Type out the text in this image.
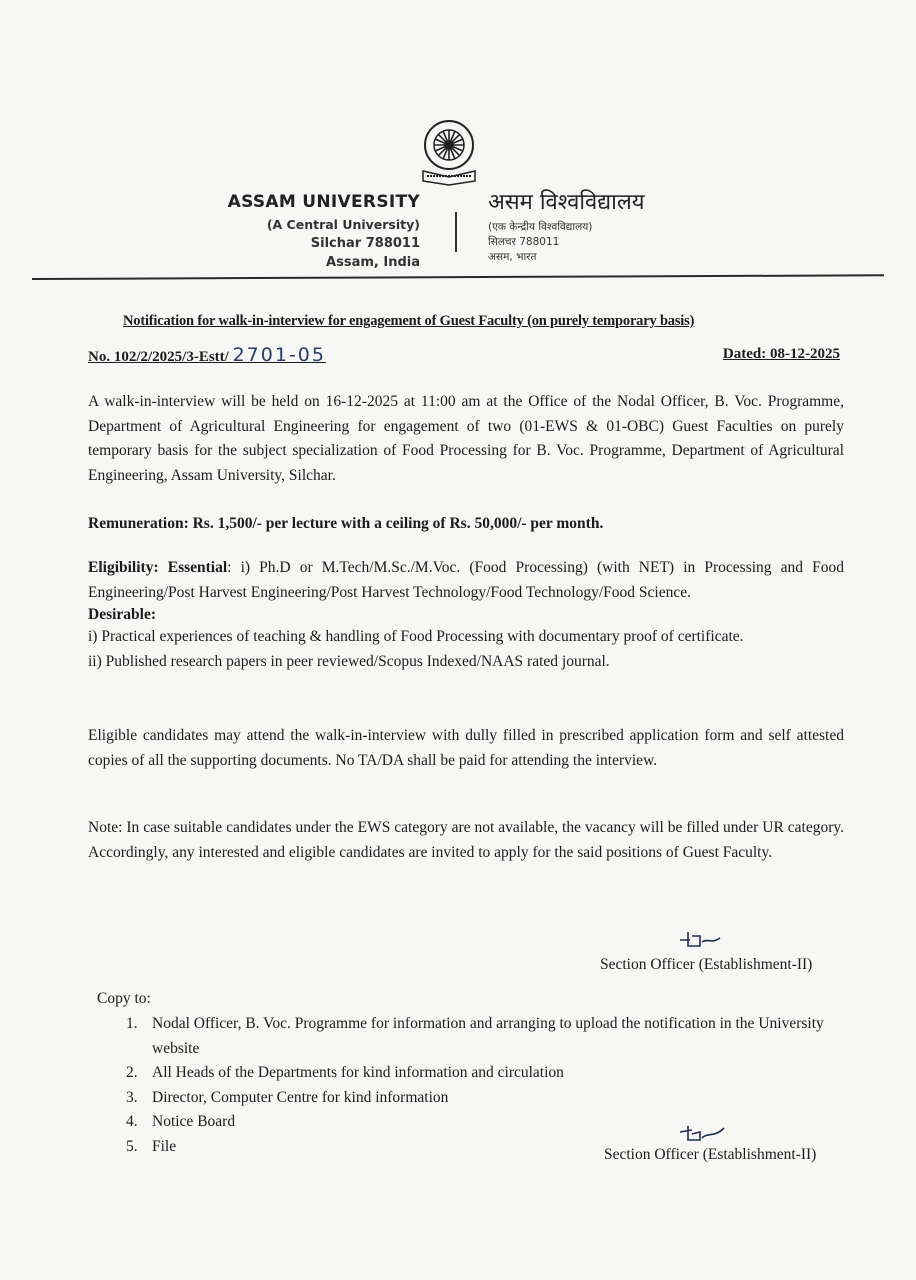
ASSAM UNIVERSITY
(A Central University)
Silchar 788011
Assam, India
असम विश्वविद्यालय
(एक केन्द्रीय विश्वविद्यालय)
सिलचर 788011
असम, भारत
Notification for walk-in-interview for engagement of Guest Faculty (on purely temporary basis)
No. 102/2/2025/3-Estt/ 2701-05	Dated: 08-12-2025
A walk-in-interview will be held on 16-12-2025 at 11:00 am at the Office of the Nodal Officer, B. Voc. Programme, Department of Agricultural Engineering for engagement of two (01-EWS & 01-OBC) Guest Faculties on purely temporary basis for the subject specialization of Food Processing for B. Voc. Programme, Department of Agricultural Engineering, Assam University, Silchar.
Remuneration: Rs. 1,500/- per lecture with a ceiling of Rs. 50,000/- per month.
Eligibility: Essential: i) Ph.D or M.Tech/M.Sc./M.Voc. (Food Processing) (with NET) in Processing and Food Engineering/Post Harvest Engineering/Post Harvest Technology/Food Technology/Food Science.
Desirable:
i) Practical experiences of teaching & handling of Food Processing with documentary proof of certificate.
ii) Published research papers in peer reviewed/Scopus Indexed/NAAS rated journal.
Eligible candidates may attend the walk-in-interview with dully filled in prescribed application form and self attested copies of all the supporting documents. No TA/DA shall be paid for attending the interview.
Note: In case suitable candidates under the EWS category are not available, the vacancy will be filled under UR category. Accordingly, any interested and eligible candidates are invited to apply for the said positions of Guest Faculty.
Section Officer (Establishment-II)
Copy to:
1. Nodal Officer, B. Voc. Programme for information and arranging to upload the notification in the University website
2. All Heads of the Departments for kind information and circulation
3. Director, Computer Centre for kind information
4. Notice Board
5. File	Section Officer (Establishment-II)
